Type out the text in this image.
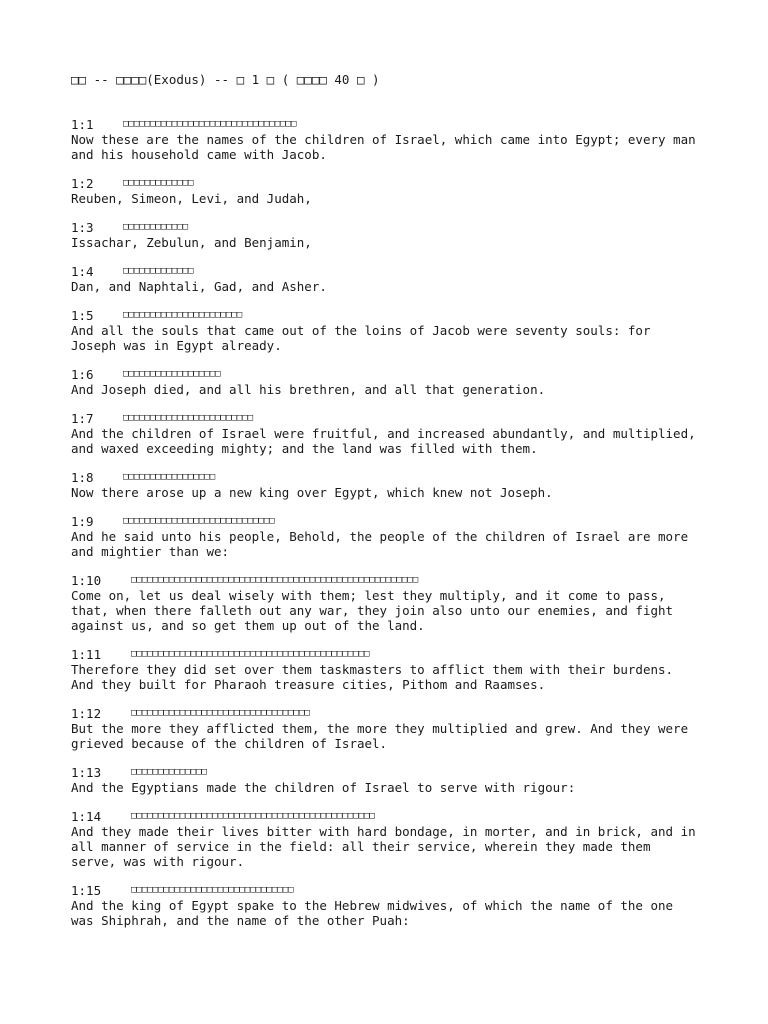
□□ -- □□□□(Exodus) -- □ 1 □ ( □□□□ 40 □ )
1:1	□□□□□□□□□□□□□□□□□□□□□□□□□□□□□□□□
Now these are the names of the children of Israel, which came into Egypt; every man
and his household came with Jacob.
1:2	□□□□□□□□□□□□□
Reuben, Simeon, Levi, and Judah,
1:3	□□□□□□□□□□□□
Issachar, Zebulun, and Benjamin,
1:4	□□□□□□□□□□□□□
Dan, and Naphtali, Gad, and Asher.
1:5	□□□□□□□□□□□□□□□□□□□□□□
And all the souls that came out of the loins of Jacob were seventy souls: for
Joseph was in Egypt already.
1:6	□□□□□□□□□□□□□□□□□□
And Joseph died, and all his brethren, and all that generation.
1:7	□□□□□□□□□□□□□□□□□□□□□□□□
And the children of Israel were fruitful, and increased abundantly, and multiplied,
and waxed exceeding mighty; and the land was filled with them.
1:8	□□□□□□□□□□□□□□□□□
Now there arose up a new king over Egypt, which knew not Joseph.
1:9	□□□□□□□□□□□□□□□□□□□□□□□□□□□□
And he said unto his people, Behold, the people of the children of Israel are more
and mightier than we:
1:10	□□□□□□□□□□□□□□□□□□□□□□□□□□□□□□□□□□□□□□□□□□□□□□□□□□□□□
Come on, let us deal wisely with them; lest they multiply, and it come to pass,
that, when there falleth out any war, they join also unto our enemies, and fight
against us, and so get them up out of the land.
1:11	□□□□□□□□□□□□□□□□□□□□□□□□□□□□□□□□□□□□□□□□□□□□
Therefore they did set over them taskmasters to afflict them with their burdens.
And they built for Pharaoh treasure cities, Pithom and Raamses.
1:12	□□□□□□□□□□□□□□□□□□□□□□□□□□□□□□□□□
But the more they afflicted them, the more they multiplied and grew. And they were
grieved because of the children of Israel.
1:13	□□□□□□□□□□□□□□
And the Egyptians made the children of Israel to serve with rigour:
1:14	□□□□□□□□□□□□□□□□□□□□□□□□□□□□□□□□□□□□□□□□□□□□□
And they made their lives bitter with hard bondage, in morter, and in brick, and in
all manner of service in the field: all their service, wherein they made them
serve, was with rigour.
1:15	□□□□□□□□□□□□□□□□□□□□□□□□□□□□□□
And the king of Egypt spake to the Hebrew midwives, of which the name of the one
was Shiphrah, and the name of the other Puah:
